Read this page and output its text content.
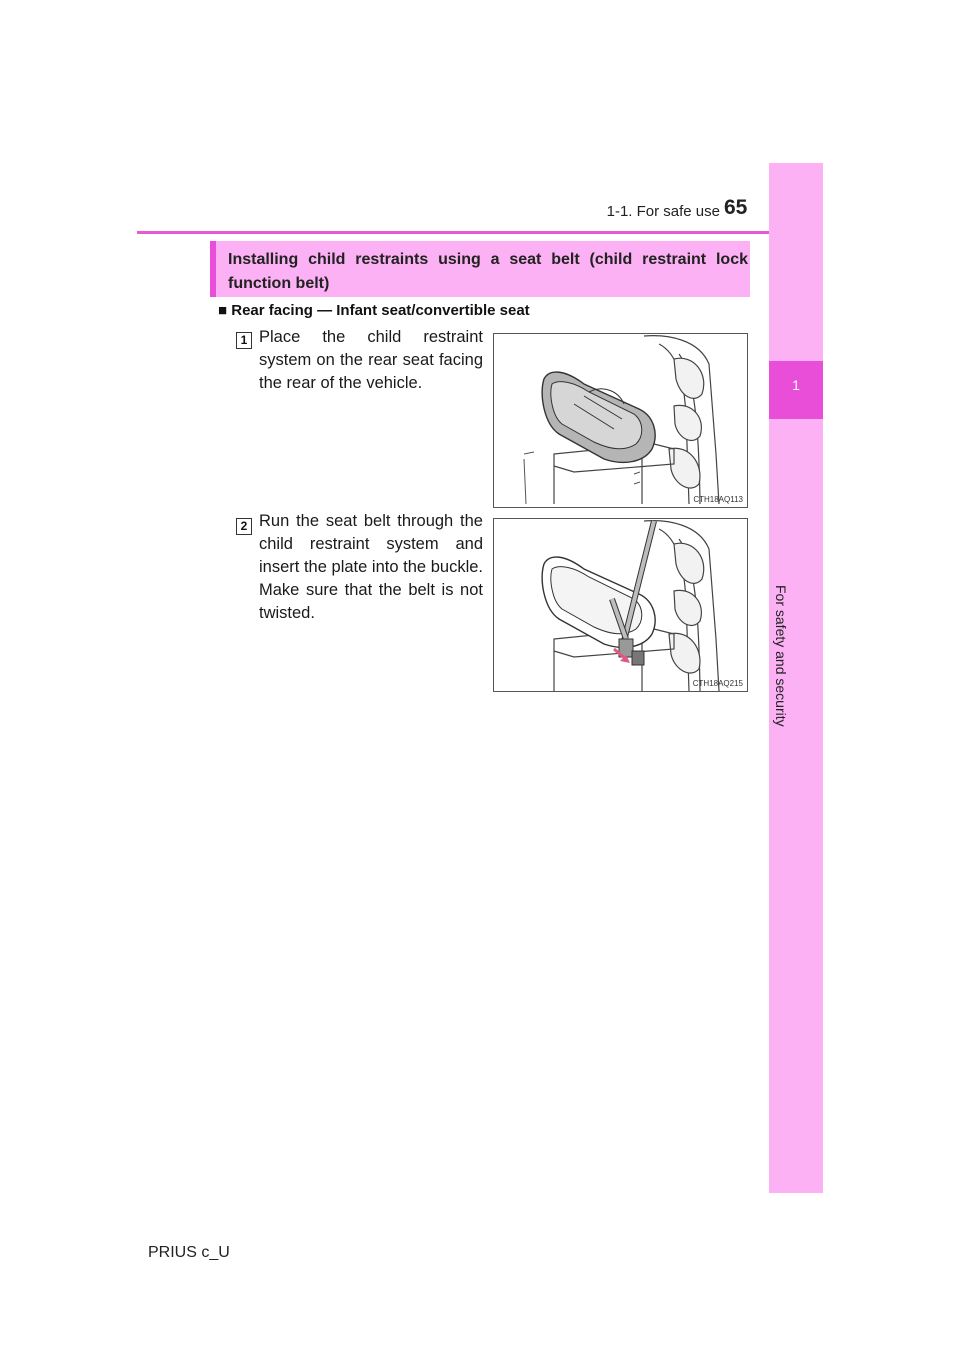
1-1. For safe use 65
1
For safety and security
Installing child restraints using a seat belt (child restraint lock function belt)
■ Rear facing — Infant seat/convertible seat
1 Place the child restraint system on the rear seat facing the rear of the vehicle.
CTH18AQ113
2 Run the seat belt through the child restraint system and insert the plate into the buckle. Make sure that the belt is not twisted.
CTH18AQ215
PRIUS c_U
